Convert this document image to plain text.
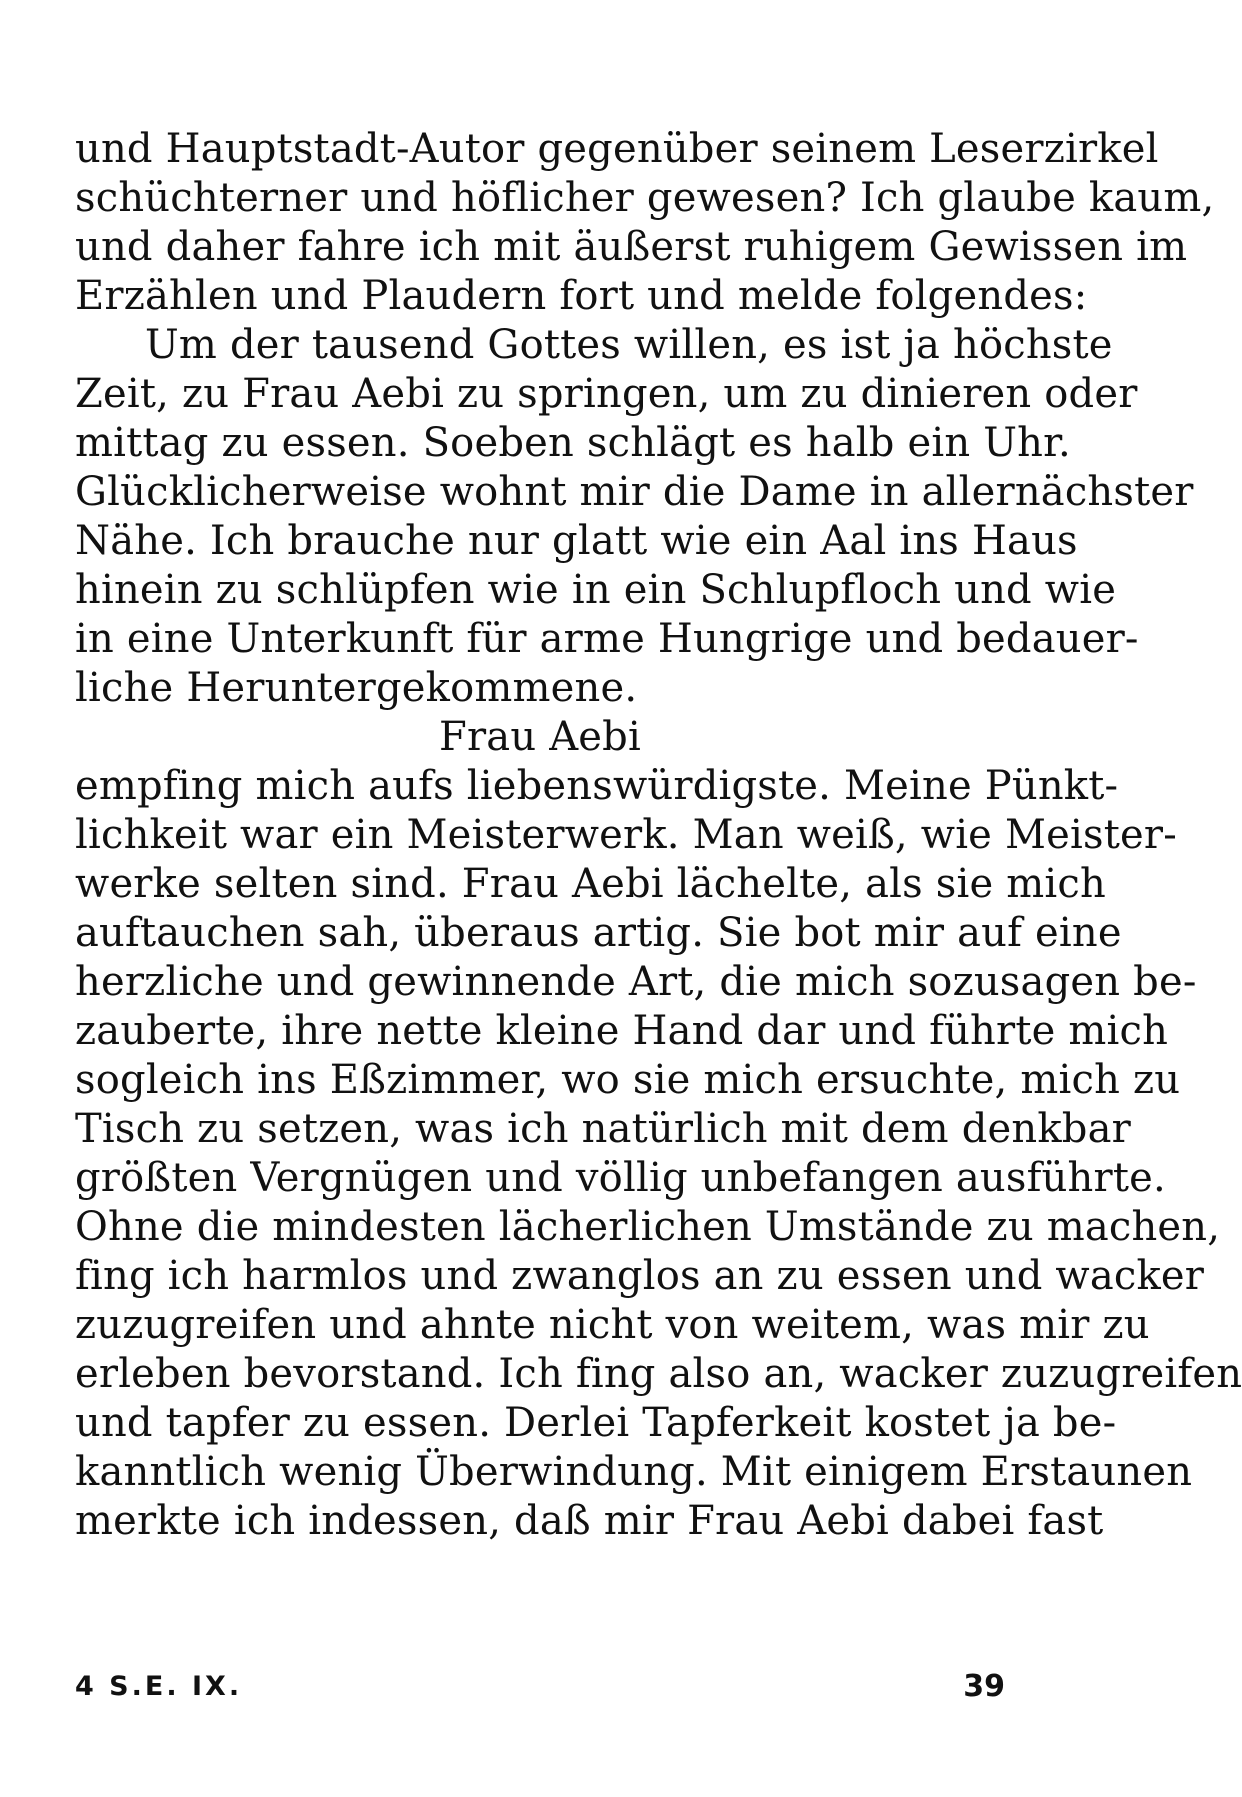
und Hauptstadt-Autor gegenüber seinem Leserzirkel
schüchterner und höflicher gewesen? Ich glaube kaum,
und daher fahre ich mit äußerst ruhigem Gewissen im
Erzählen und Plaudern fort und melde folgendes:
Um der tausend Gottes willen, es ist ja höchste
Zeit, zu Frau Aebi zu springen, um zu dinieren oder
mittag zu essen. Soeben schlägt es halb ein Uhr.
Glücklicherweise wohnt mir die Dame in allernächster
Nähe. Ich brauche nur glatt wie ein Aal ins Haus
hinein zu schlüpfen wie in ein Schlupfloch und wie
in eine Unterkunft für arme Hungrige und bedauer-
liche Heruntergekommene.
Frau Aebi
empfing mich aufs liebenswürdigste. Meine Pünkt-
lichkeit war ein Meisterwerk. Man weiß, wie Meister-
werke selten sind. Frau Aebi lächelte, als sie mich
auftauchen sah, überaus artig. Sie bot mir auf eine
herzliche und gewinnende Art, die mich sozusagen be-
zauberte, ihre nette kleine Hand dar und führte mich
sogleich ins Eßzimmer, wo sie mich ersuchte, mich zu
Tisch zu setzen, was ich natürlich mit dem denkbar
größten Vergnügen und völlig unbefangen ausführte.
Ohne die mindesten lächerlichen Umstände zu machen,
fing ich harmlos und zwanglos an zu essen und wacker
zuzugreifen und ahnte nicht von weitem, was mir zu
erleben bevorstand. Ich fing also an, wacker zuzugreifen
und tapfer zu essen. Derlei Tapferkeit kostet ja be-
kanntlich wenig Überwindung. Mit einigem Erstaunen
merkte ich indessen, daß mir Frau Aebi dabei fast
4 S.E. IX.	39
